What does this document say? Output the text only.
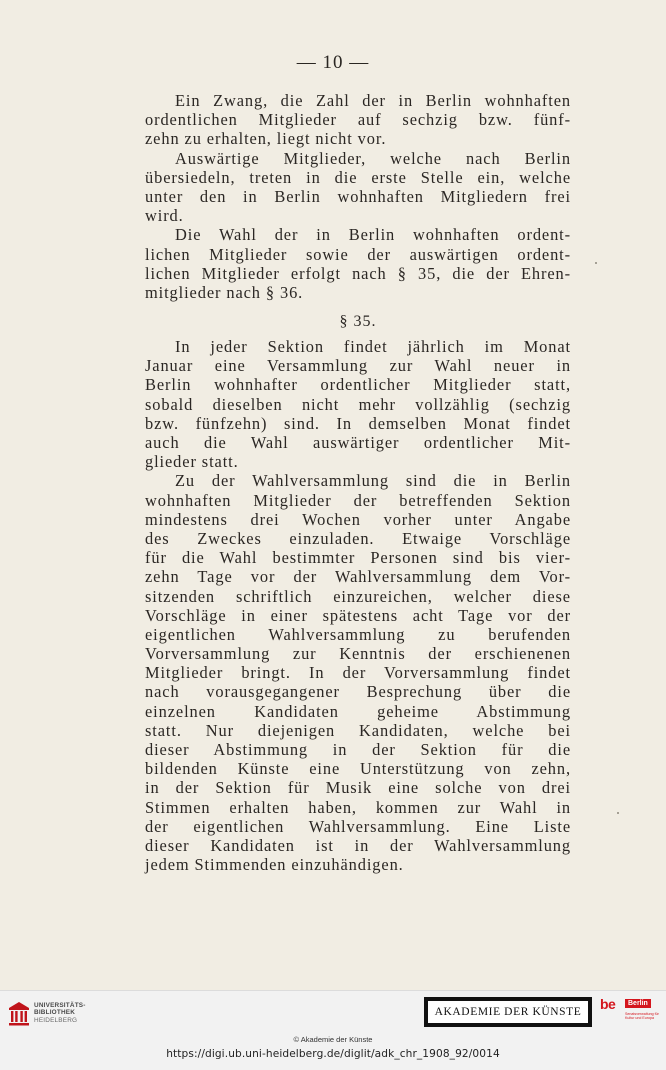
— 10 —
Ein Zwang, die Zahl der in Berlin wohnhaften
ordentlichen Mitglieder auf sechzig bzw. fünf-
zehn zu erhalten, liegt nicht vor.
Auswärtige Mitglieder, welche nach Berlin
übersiedeln, treten in die erste Stelle ein, welche
unter den in Berlin wohnhaften Mitgliedern frei
wird.
Die Wahl der in Berlin wohnhaften ordent-
lichen Mitglieder sowie der auswärtigen ordent-
lichen Mitglieder erfolgt nach § 35, die der Ehren-
mitglieder nach § 36.
§ 35.
In jeder Sektion findet jährlich im Monat
Januar eine Versammlung zur Wahl neuer in
Berlin wohnhafter ordentlicher Mitglieder statt,
sobald dieselben nicht mehr vollzählig (sechzig
bzw. fünfzehn) sind. In demselben Monat findet
auch die Wahl auswärtiger ordentlicher Mit-
glieder statt.
Zu der Wahlversammlung sind die in Berlin
wohnhaften Mitglieder der betreffenden Sektion
mindestens drei Wochen vorher unter Angabe
des Zweckes einzuladen. Etwaige Vorschläge
für die Wahl bestimmter Personen sind bis vier-
zehn Tage vor der Wahlversammlung dem Vor-
sitzenden schriftlich einzureichen, welcher diese
Vorschläge in einer spätestens acht Tage vor der
eigentlichen Wahlversammlung zu berufenden
Vorversammlung zur Kenntnis der erschienenen
Mitglieder bringt. In der Vorversammlung findet
nach vorausgegangener Besprechung über die
einzelnen Kandidaten geheime Abstimmung
statt. Nur diejenigen Kandidaten, welche bei
dieser Abstimmung in der Sektion für die
bildenden Künste eine Unterstützung von zehn,
in der Sektion für Musik eine solche von drei
Stimmen erhalten haben, kommen zur Wahl in
der eigentlichen Wahlversammlung. Eine Liste
dieser Kandidaten ist in der Wahlversammlung
jedem Stimmenden einzuhändigen.
UNIVERSITÄTS-
BIBLIOTHEK
HEIDELBERG
AKADEMIE DER KÜNSTE	be	Berlin
Senatsverwaltung für Kultur und Europa
© Akademie der Künste
https://digi.ub.uni-heidelberg.de/diglit/adk_chr_1908_92/0014
